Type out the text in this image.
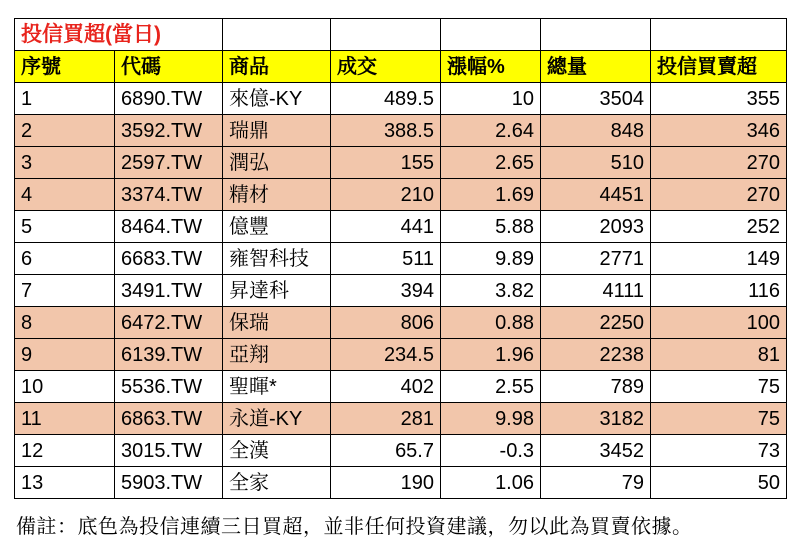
投信買超(當日)						
序號	代碼	商品	成交	漲幅%	總量	投信買賣超
1	6890.TW	來億-KY	489.5	10	3504	355
2	3592.TW	瑞鼎	388.5	2.64	848	346
3	2597.TW	潤弘	155	2.65	510	270
4	3374.TW	精材	210	1.69	4451	270
5	8464.TW	億豐	441	5.88	2093	252
6	6683.TW	雍智科技	511	9.89	2771	149
7	3491.TW	昇達科	394	3.82	4111	116
8	6472.TW	保瑞	806	0.88	2250	100
9	6139.TW	亞翔	234.5	1.96	2238	81
10	5536.TW	聖暉*	402	2.55	789	75
11	6863.TW	永道-KY	281	9.98	3182	75
12	3015.TW	全漢	65.7	-0.3	3452	73
13	5903.TW	全家	190	1.06	79	50
備註：底色為投信連續三日買超，並非任何投資建議，勿以此為買賣依據。
